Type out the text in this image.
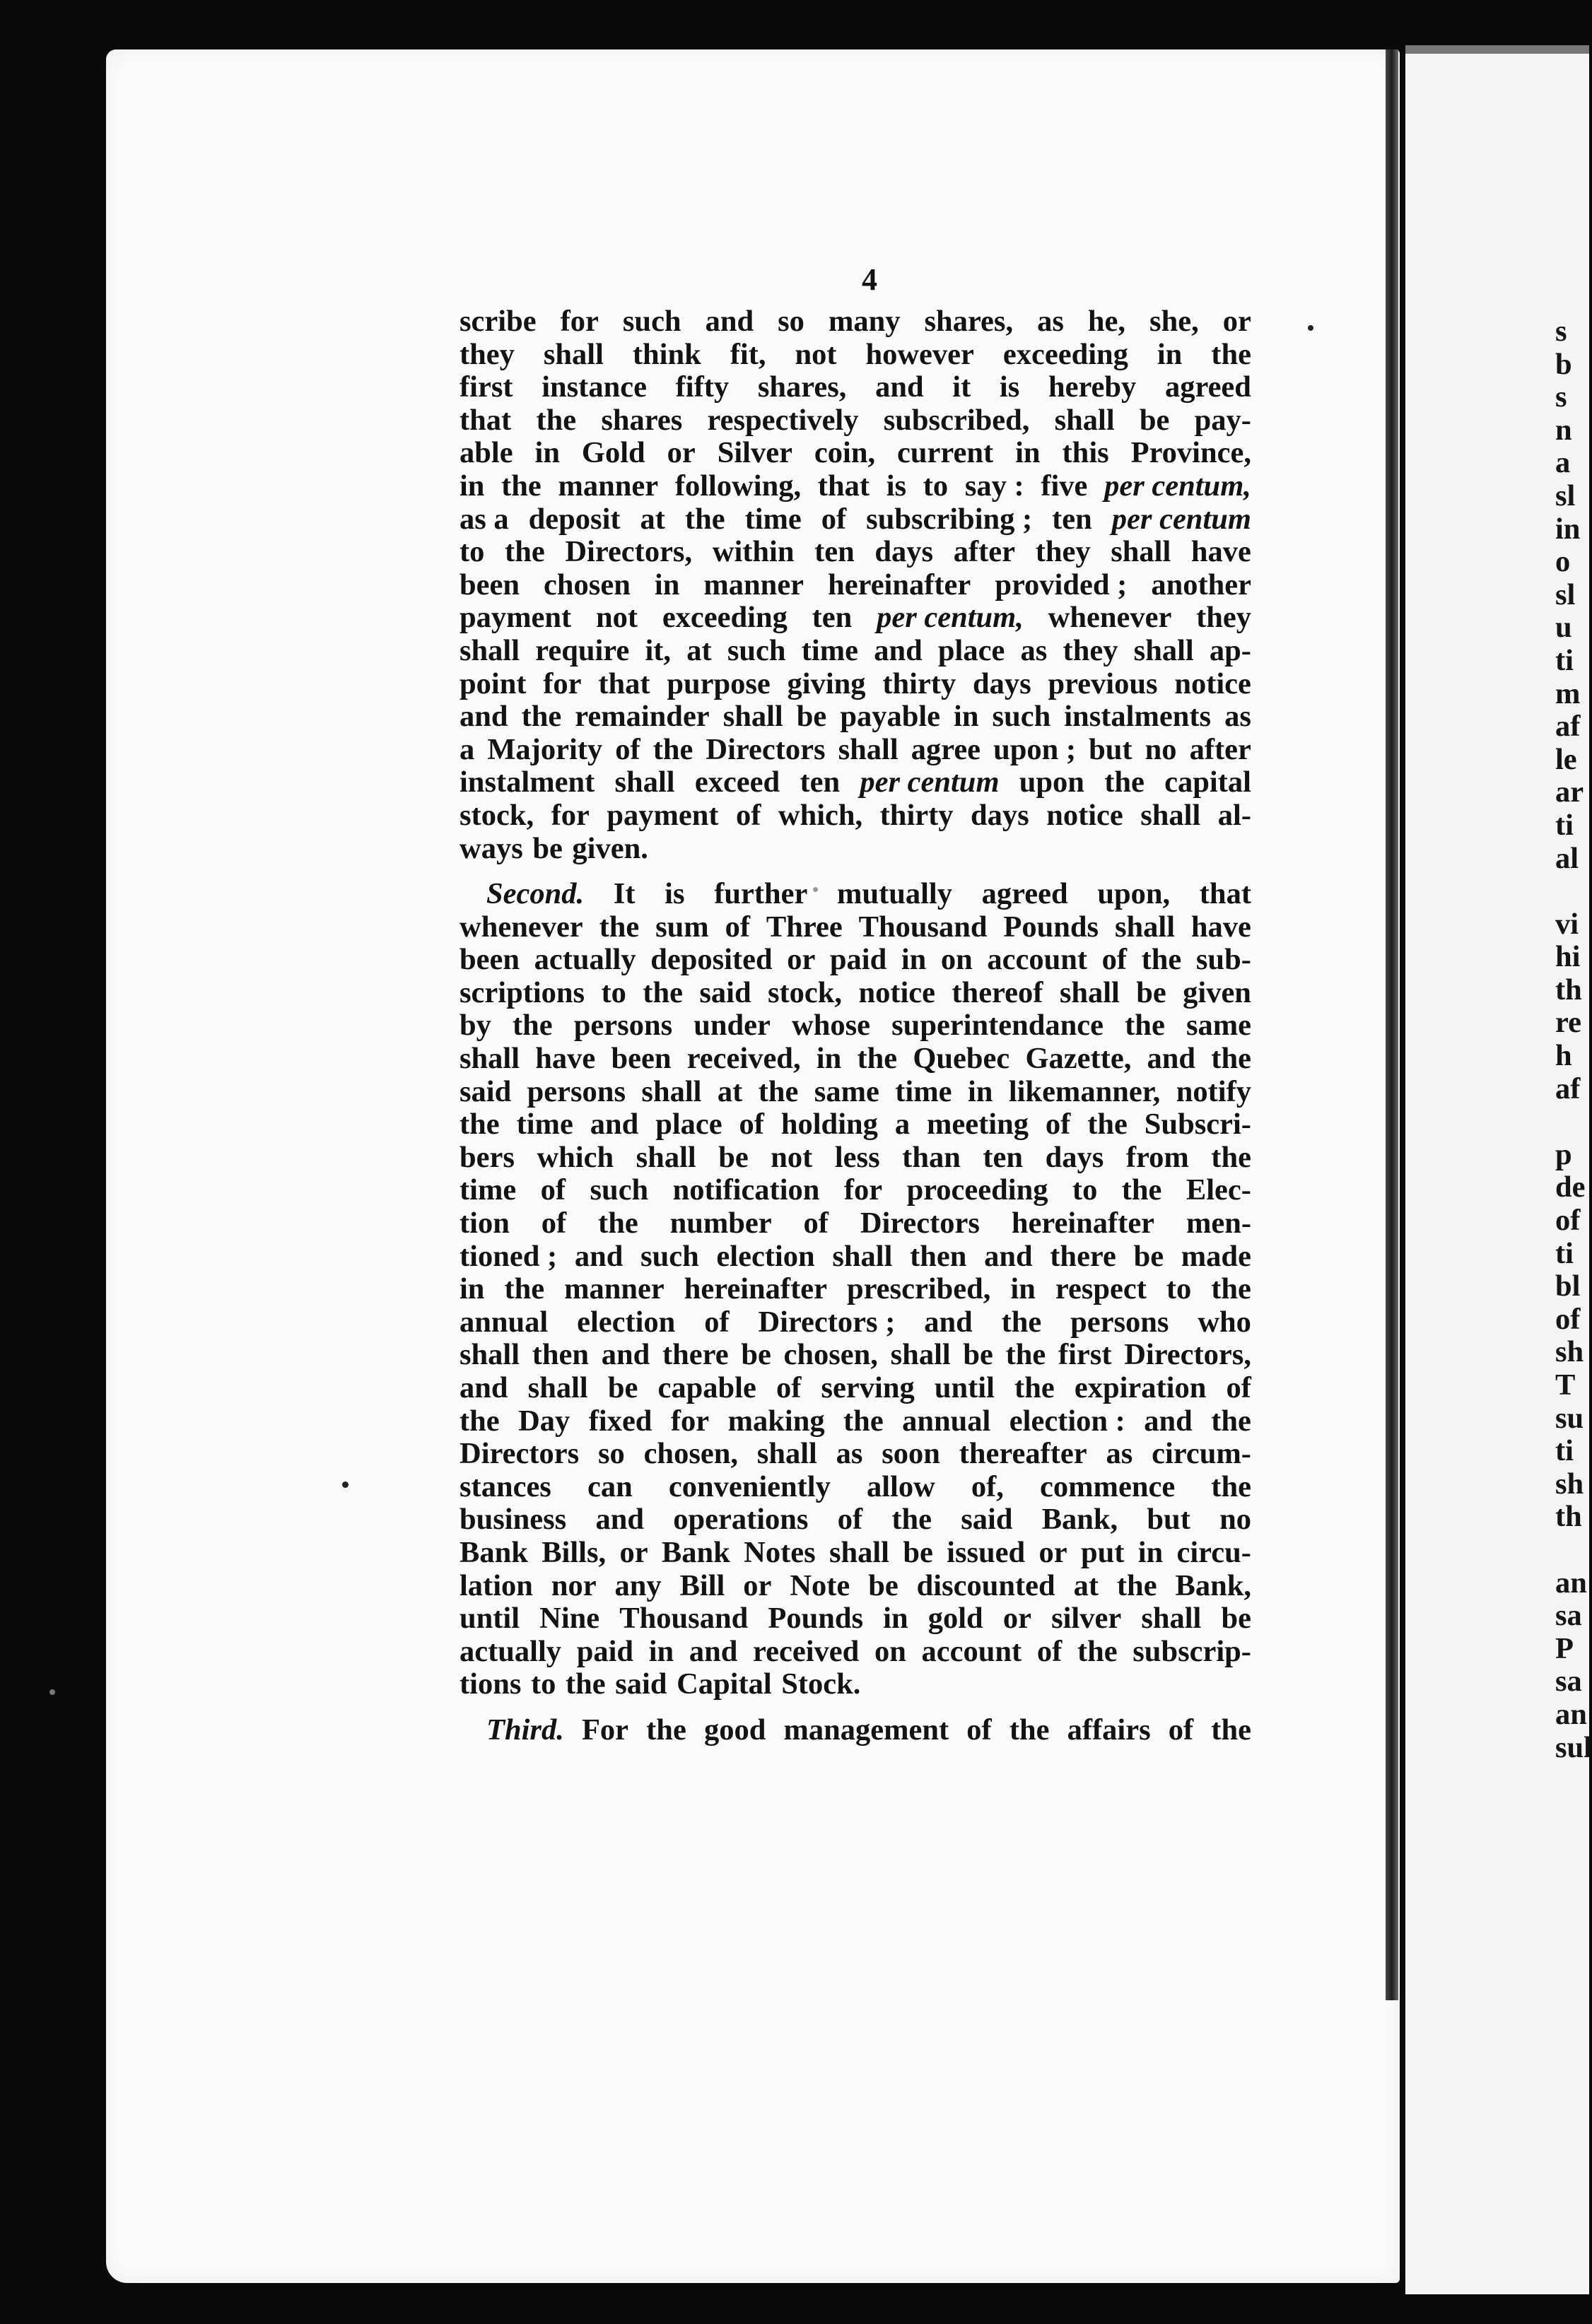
4
scribe for such and so many shares, as he, she, or
they shall think fit, not however exceeding in the
first instance fifty shares, and it is hereby agreed
that the shares respectively subscribed, shall be pay-
able in Gold or Silver coin, current in this Province,
in the manner following, that is to say : five per centum,
as a deposit at the time of subscribing ; ten per centum
to the Directors, within ten days after they shall have
been chosen in manner hereinafter provided ; another
payment not exceeding ten per centum, whenever they
shall require it, at such time and place as they shall ap-
point for that purpose giving thirty days previous notice
and the remainder shall be payable in such instalments as
a Majority of the Directors shall agree upon ; but no after
instalment shall exceed ten per centum upon the capital
stock, for payment of which, thirty days notice shall al-
ways be given.
Second. It is further mutually agreed upon, that
whenever the sum of Three Thousand Pounds shall have
been actually deposited or paid in on account of the sub-
scriptions to the said stock, notice thereof shall be given
by the persons under whose superintendance the same
shall have been received, in the Quebec Gazette, and the
said persons shall at the same time in likemanner, notify
the time and place of holding a meeting of the Subscri-
bers which shall be not less than ten days from the
time of such notification for proceeding to the Elec-
tion of the number of Directors hereinafter men-
tioned ; and such election shall then and there be made
in the manner hereinafter prescribed, in respect to the
annual election of Directors ; and the persons who
shall then and there be chosen, shall be the first Directors,
and shall be capable of serving until the expiration of
the Day fixed for making the annual election : and the
Directors so chosen, shall as soon thereafter as circum-
stances can conveniently allow of, commence the
business and operations of the said Bank, but no
Bank Bills, or Bank Notes shall be issued or put in circu-
lation nor any Bill or Note be discounted at the Bank,
until Nine Thousand Pounds in gold or silver shall be
actually paid in and received on account of the subscrip-
tions to the said Capital Stock.
Third. For the good management of the affairs of the
s
b
s
n
a
sl
in
o
sl
u
ti
m
af
le
ar
ti
al
vi
hi
th
re
h
af
p
de
of
ti
bl
of
sh
T
su
ti
sh
th
an
sa
P
sa
an
sul
